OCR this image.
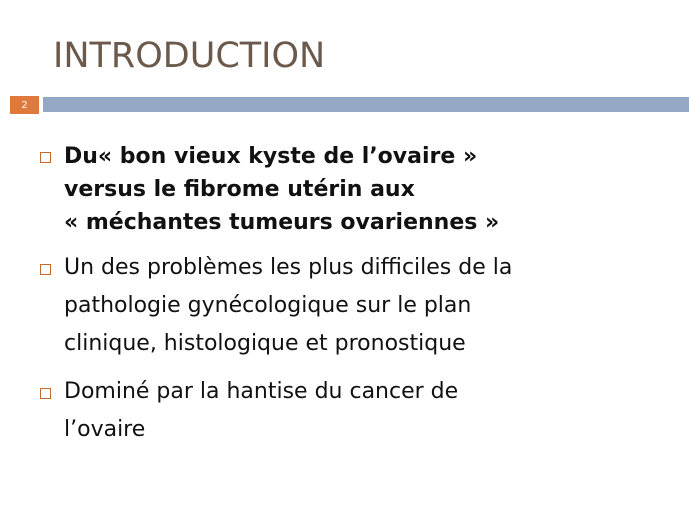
INTRODUCTION
2
Du« bon vieux kyste de l’ovaire »
versus le fibrome utérin aux
« méchantes tumeurs ovariennes »
Un des problèmes les plus difficiles de la
pathologie gynécologique sur le plan
clinique, histologique et pronostique
Dominé par la hantise du cancer de
l’ovaire
